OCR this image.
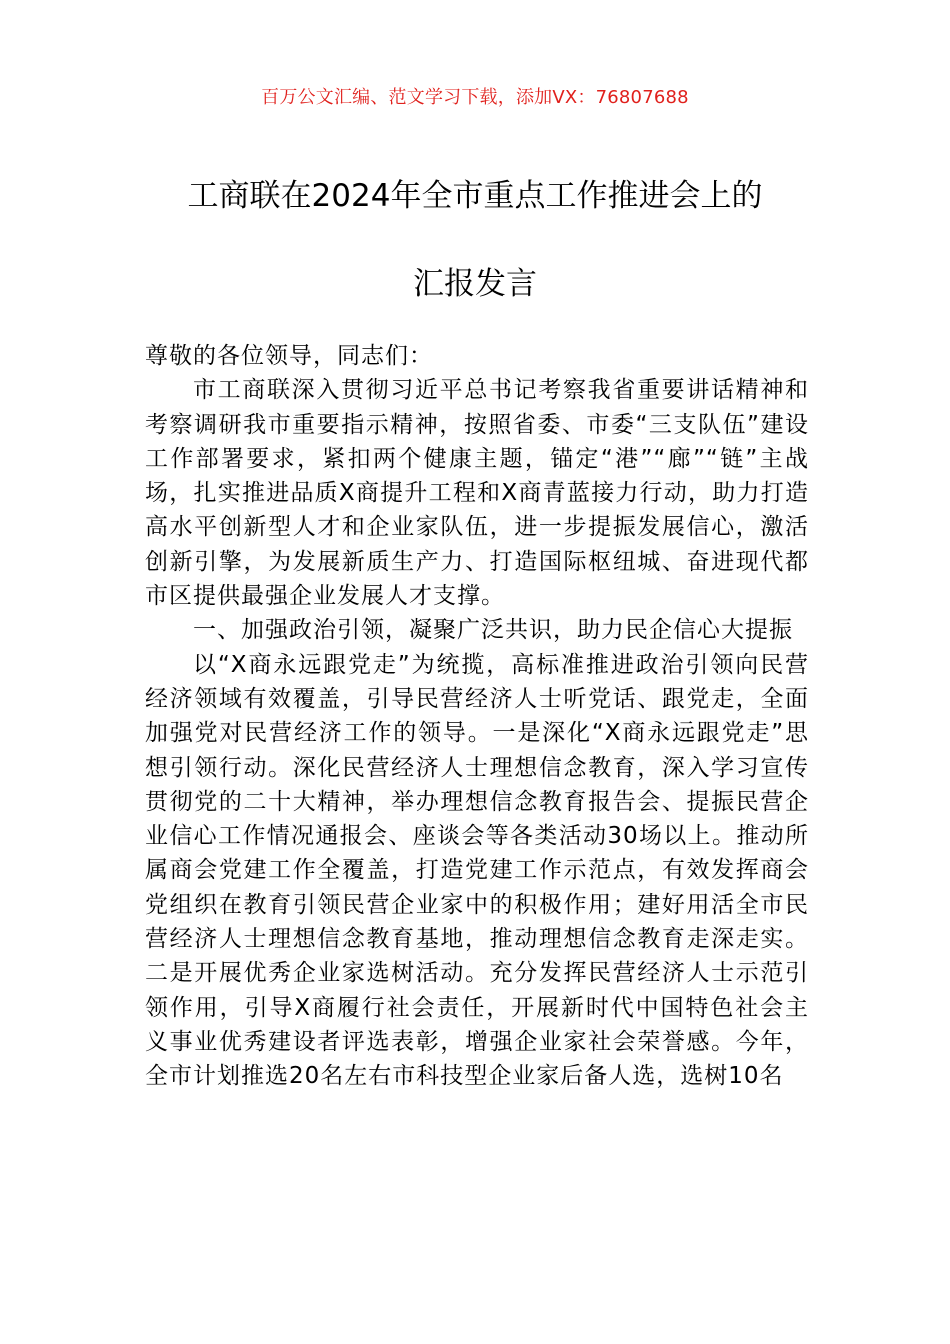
百万公文汇编、范文学习下载，添加VX：76807688
工商联在2024年全市重点工作推进会上的
汇报发言

尊敬的各位领导，同志们：

市工商联深入贯彻习近平总书记考察我省重要讲话精神和考察调研我市重要指示精神，按照省委、市委“三支队伍”建设工作部署要求，紧扣两个健康主题，锚定“港”“廊”“链”主战场，扎实推进品质X商提升工程和X商青蓝接力行动，助力打造高水平创新型人才和企业家队伍，进一步提振发展信心，激活创新引擎，为发展新质生产力、打造国际枢纽城、奋进现代都市区提供最强企业发展人才支撑。

一、加强政治引领，凝聚广泛共识，助力民企信心大提振

以“X商永远跟党走”为统揽，高标准推进政治引领向民营经济领域有效覆盖，引导民营经济人士听党话、跟党走，全面加强党对民营经济工作的领导。一是深化“X商永远跟党走”思想引领行动。深化民营经济人士理想信念教育，深入学习宣传贯彻党的二十大精神，举办理想信念教育报告会、提振民营企业信心工作情况通报会、座谈会等各类活动30场以上。推动所属商会党建工作全覆盖，打造党建工作示范点，有效发挥商会党组织在教育引领民营企业家中的积极作用；建好用活全市民营经济人士理想信念教育基地，推动理想信念教育走深走实。二是开展优秀企业家选树活动。充分发挥民营经济人士示范引领作用，引导X商履行社会责任，开展新时代中国特色社会主义事业优秀建设者评选表彰，增强企业家社会荣誉感。今年，全市计划推选20名左右市科技型企业家后备人选，选树10名
